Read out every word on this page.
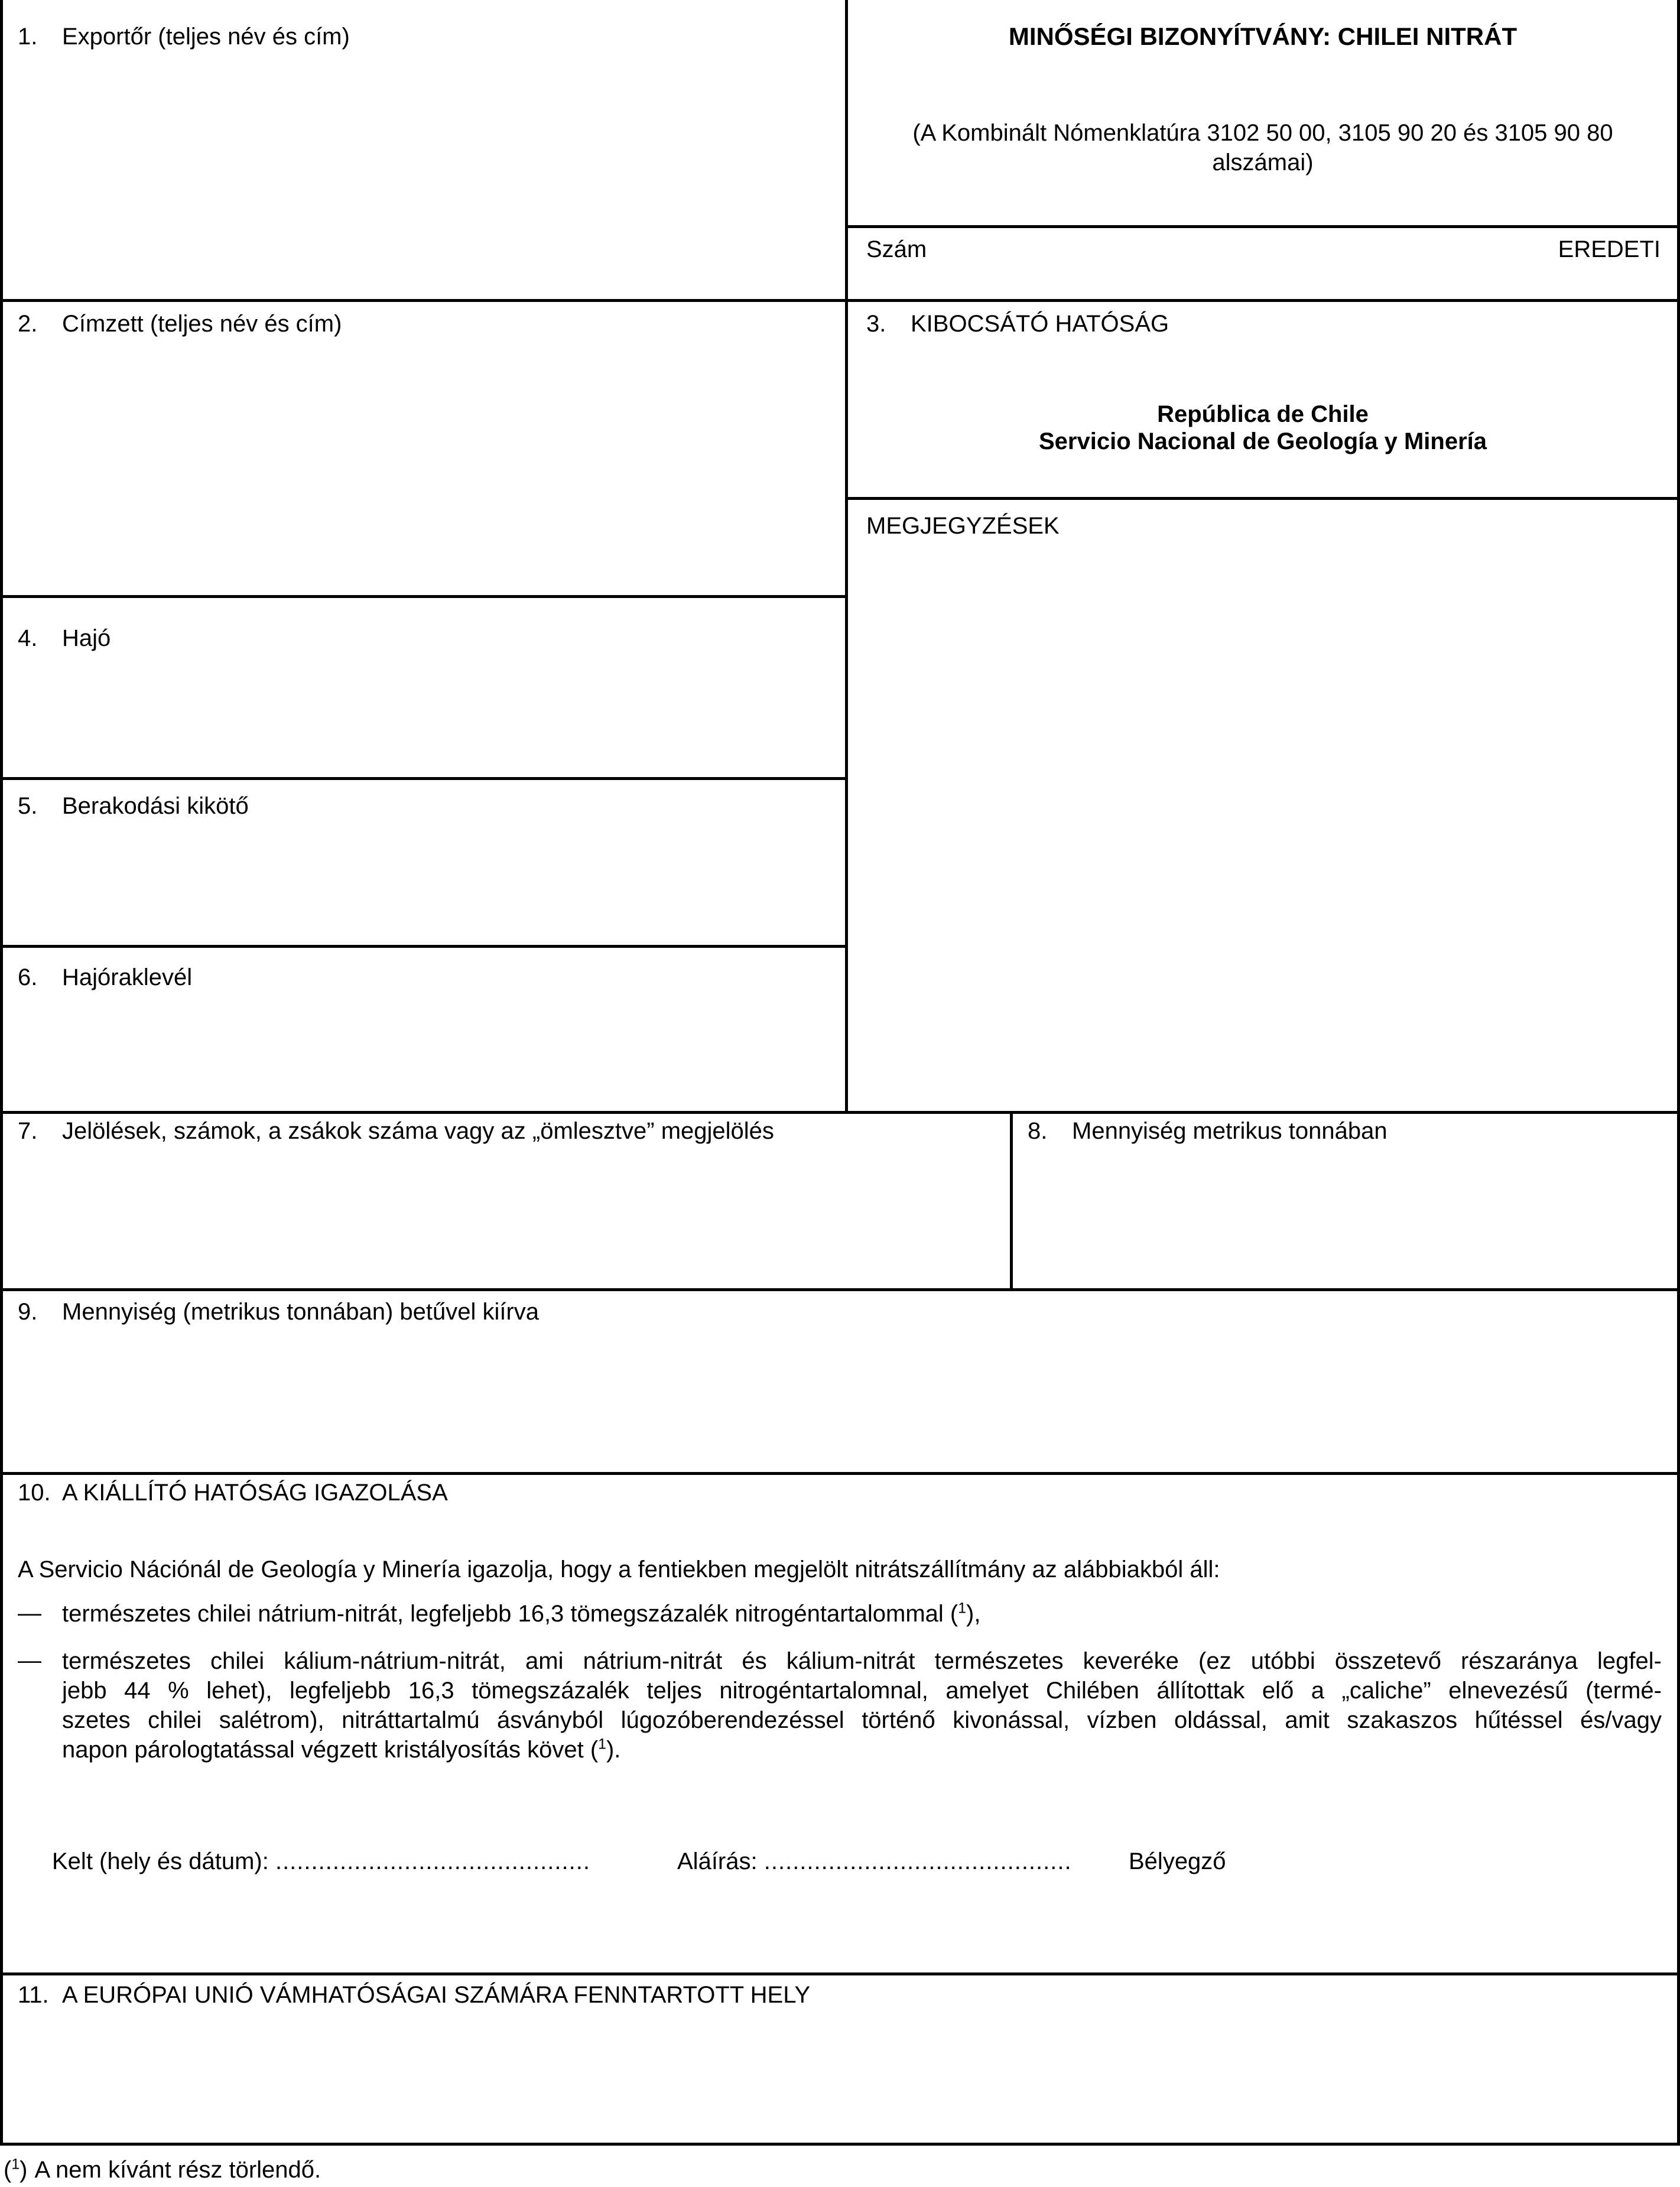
1.	Exportőr (teljes név és cím)	MINŐSÉGI BIZONYÍTVÁNY: CHILEI NITRÁT
(A Kombinált Nómenklatúra 3102 50 00, 3105 90 20 és 3105 90 80
alszámai)
Szám	EREDETI
2.	Címzett (teljes név és cím)	3.	KIBOCSÁTÓ HATÓSÁG
República de Chile
Servicio Nacional de Geología y Minería
MEGJEGYZÉSEK
4.	Hajó
5.	Berakodási kikötő
6.	Hajóraklevél
7.	Jelölések, számok, a zsákok száma vagy az „ömlesztve” megjelölés	8.	Mennyiség metrikus tonnában
9.	Mennyiség (metrikus tonnában) betűvel kiírva
10. A KIÁLLÍTÓ HATÓSÁG IGAZOLÁSA
A Servicio Nációnál de Geología y Minería igazolja, hogy a fentiekben megjelölt nitrátszállítmány az alábbiakból áll:
— természetes chilei nátrium-nitrát, legfeljebb 16,3 tömegszázalék nitrogéntartalommal ($^1$),
— természetes chilei kálium-nátrium-nitrát, ami nátrium-nitrát és kálium-nitrát természetes keveréke (ez utóbbi összetevő részaránya legfel-
jebb 44 % lehet), legfeljebb 16,3 tömegszázalék teljes nitrogéntartalomnal, amelyet Chilében állítottak elő a „caliche” elnevezésű (termé-
szetes chilei salétrom), nitráttartalmú ásványból lúgozóberendezéssel történő kivonással, vízben oldással, amit szakaszos hűtéssel és/vagy
napon párologtatással végzett kristályosítás követ ($^1$).
Kelt (hely és dátum): ............................................	Aláírás: ........................................... Bélyegző
11. A EURÓPAI UNIÓ VÁMHATÓSÁGAI SZÁMÁRA FENNTARTOTT HELY
($^1$) A nem kívánt rész törlendő.
